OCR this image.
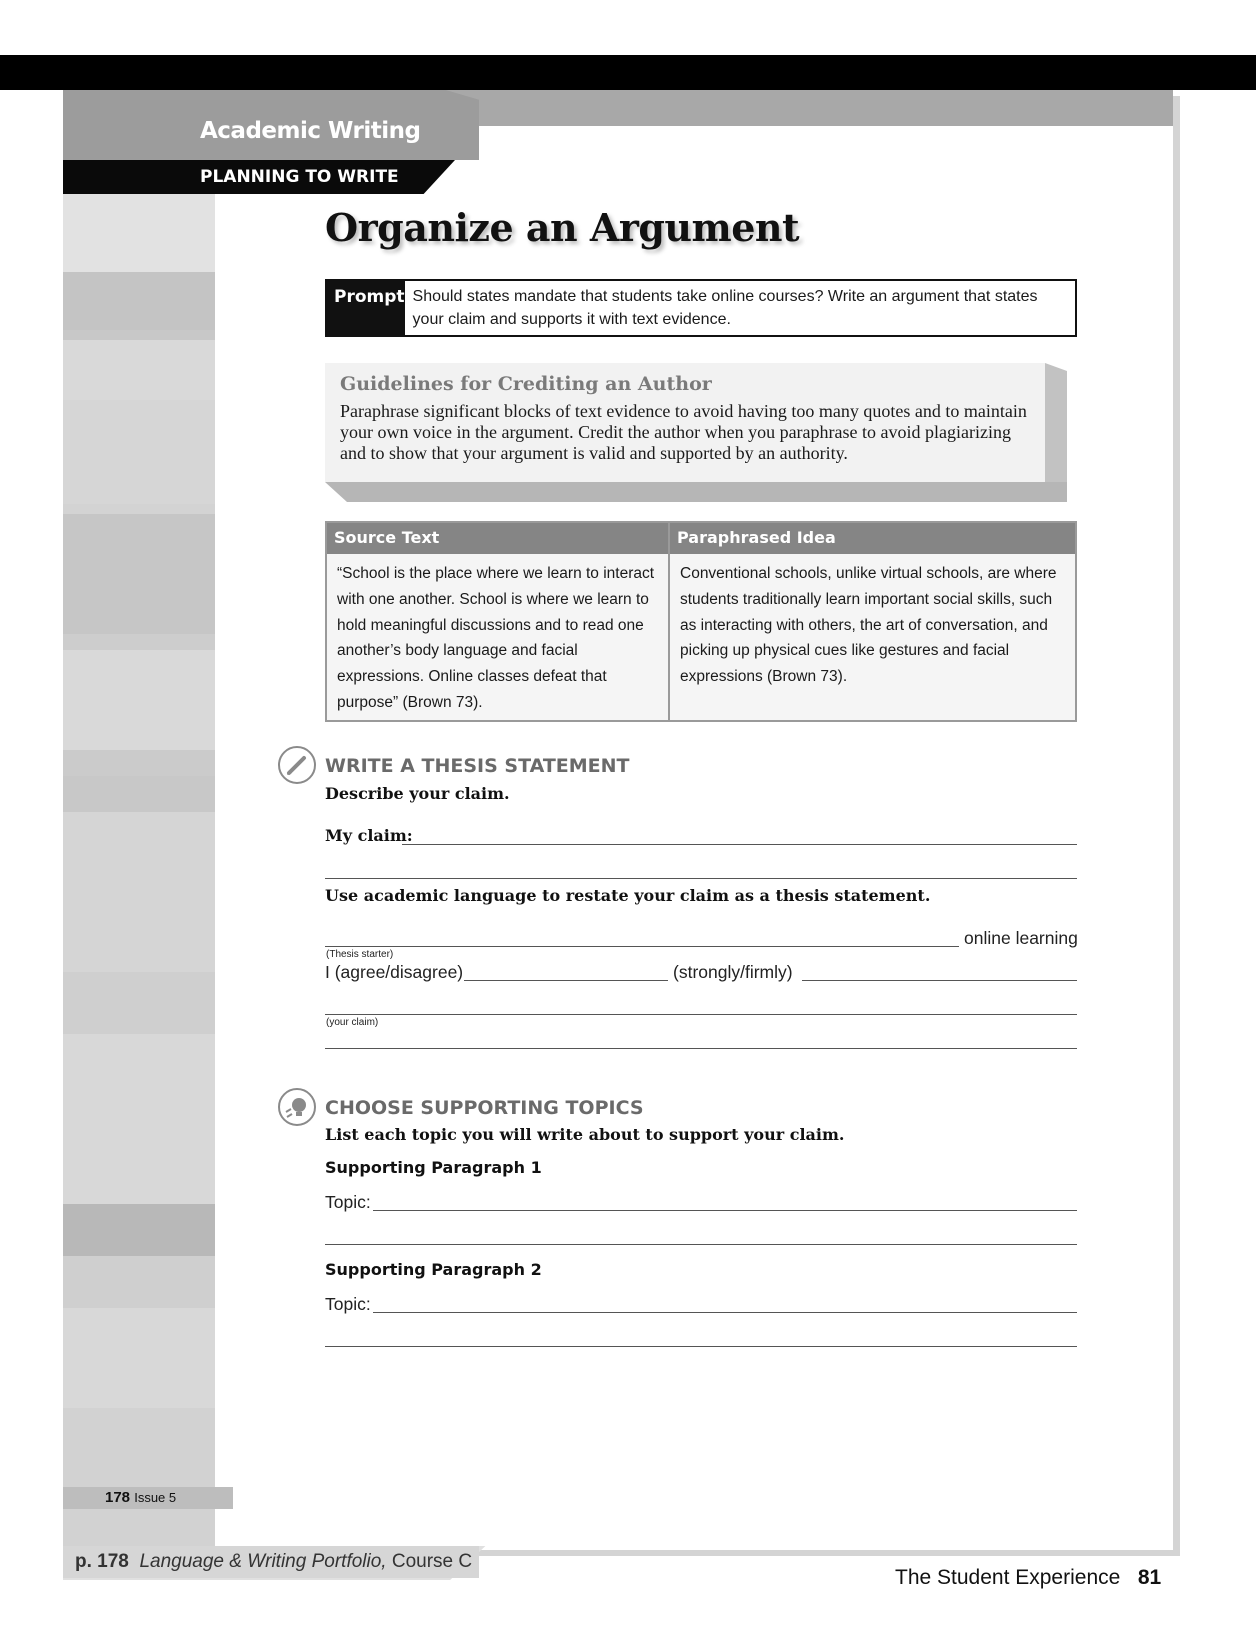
Academic Writing
PLANNING TO WRITE
Organize an Argument
Prompt Should states mandate that students take online courses? Write an argument that states your claim and supports it with text evidence.
Guidelines for Crediting an Author
Paraphrase significant blocks of text evidence to avoid having too many quotes and to maintain your own voice in the argument. Credit the author when you paraphrase to avoid plagiarizing and to show that your argument is valid and supported by an authority.
Source Text	Paraphrased Idea
“School is the place where we learn to interact with one another. School is where we learn to hold meaningful discussions and to read one another’s body language and facial expressions. Online classes defeat that purpose” (Brown 73).
Conventional schools, unlike virtual schools, are where students traditionally learn important social skills, such as interacting with others, the art of conversation, and picking up physical cues like gestures and facial expressions (Brown 73).
WRITE A THESIS STATEMENT
Describe your claim.
My claim:
Use academic language to restate your claim as a thesis statement.
online learning
(Thesis starter)
I (agree/disagree)	(strongly/firmly)
(your claim)
CHOOSE SUPPORTING TOPICS
List each topic you will write about to support your claim.
Supporting Paragraph 1
Topic:
Supporting Paragraph 2
Topic:
178 Issue 5
p. 178 Language & Writing Portfolio, Course C
The Student Experience 81
